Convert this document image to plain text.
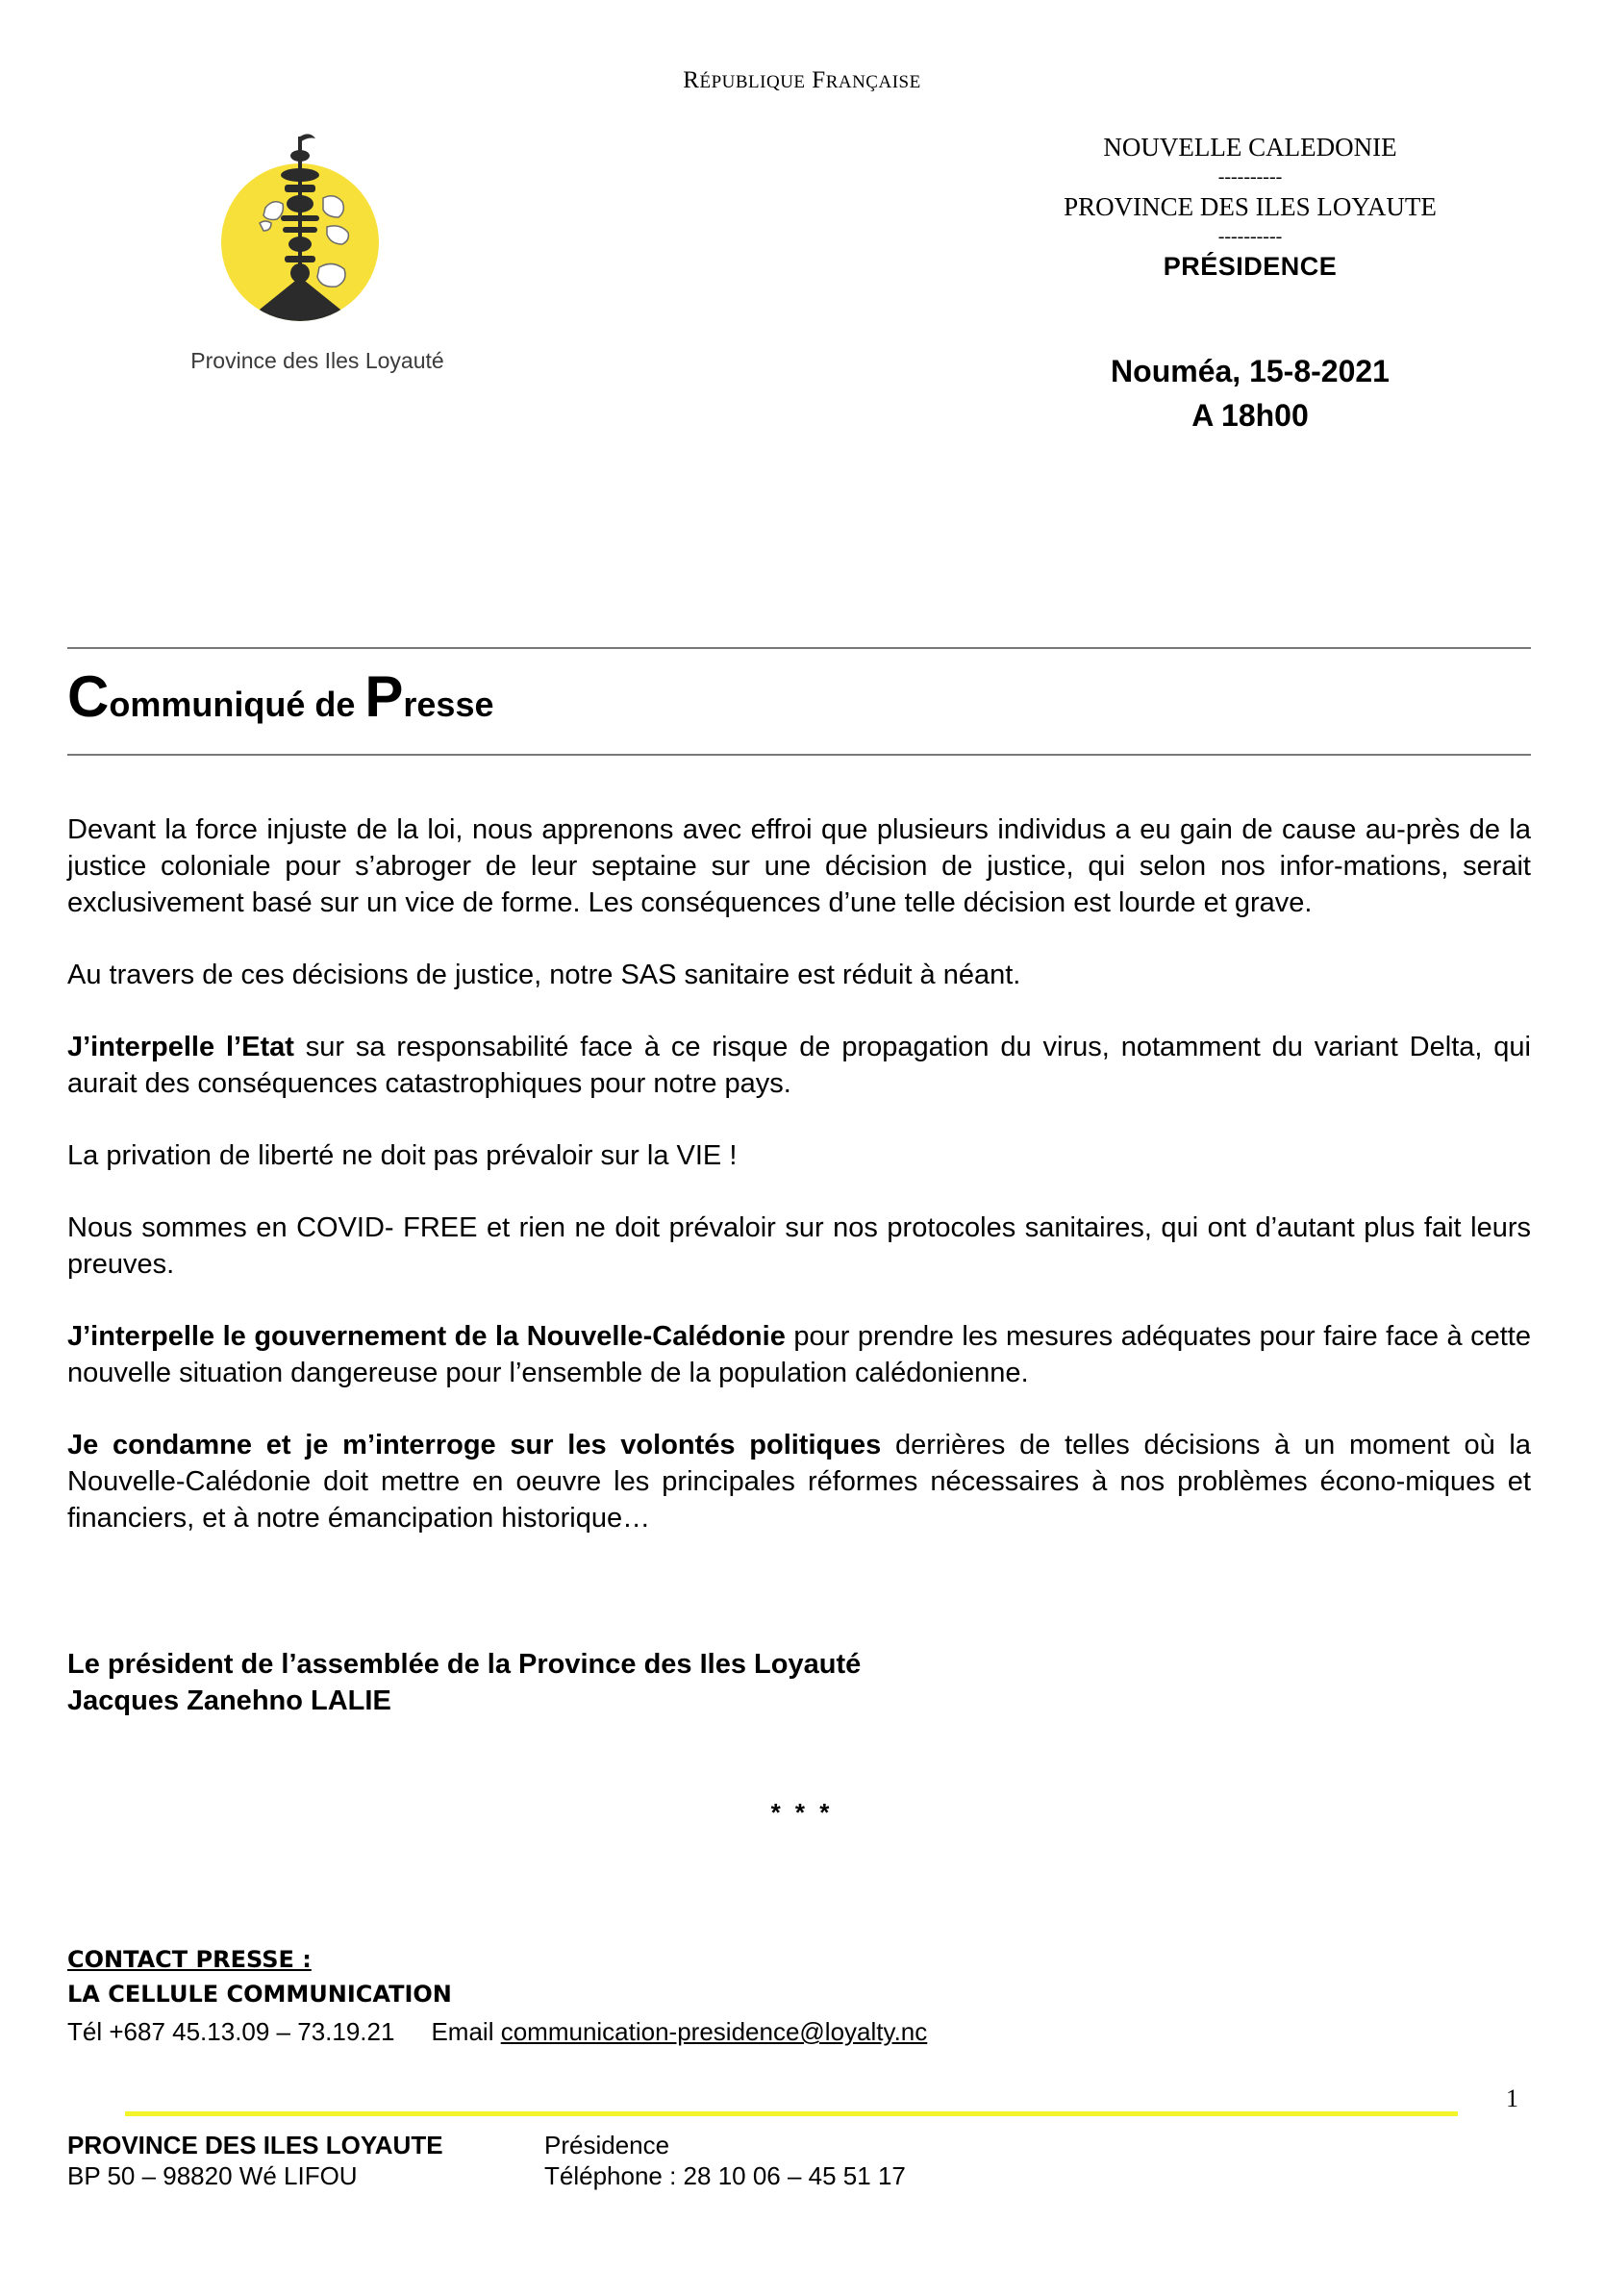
RÉPUBLIQUE FRANÇAISE
Province des Iles Loyauté
NOUVELLE CALEDONIE
----------
PROVINCE DES ILES LOYAUTE
----------
PRÉSIDENCE
Nouméa, 15-8-2021
A 18h00
Communiqué de Presse

Devant la force injuste de la loi, nous apprenons avec effroi que plusieurs individus a eu gain de cause au-près de la justice coloniale pour s’abroger de leur septaine sur une décision de justice, qui selon nos infor-mations, serait exclusivement basé sur un vice de forme. Les conséquences d’une telle décision est lourde et grave.

Au travers de ces décisions de justice, notre SAS sanitaire est réduit à néant.

J’interpelle l’Etat sur sa responsabilité face à ce risque de propagation du virus, notamment du variant Delta, qui aurait des conséquences catastrophiques pour notre pays.

La privation de liberté ne doit pas prévaloir sur la VIE !

Nous sommes en COVID- FREE et rien ne doit prévaloir sur nos protocoles sanitaires, qui ont d’autant plus fait leurs preuves.

J’interpelle le gouvernement de la Nouvelle-Calédonie pour prendre les mesures adéquates pour faire face à cette nouvelle situation dangereuse pour l’ensemble de la population calédonienne.

Je condamne et je m’interroge sur les volontés politiques derrières de telles décisions à un moment où la Nouvelle-Calédonie doit mettre en oeuvre les principales réformes nécessaires à nos problèmes écono-miques et financiers, et à notre émancipation historique…

Le président de l’assemblée de la Province des Iles Loyauté
Jacques Zanehno LALIE
* * *
CONTACT PRESSE :
LA CELLULE COMMUNICATION
Tél +687 45.13.09 – 73.19.21 Email communication-presidence@loyalty.nc
1
PROVINCE DES ILES LOYAUTE
BP 50 – 98820 Wé LIFOU
Présidence
Téléphone : 28 10 06 – 45 51 17
